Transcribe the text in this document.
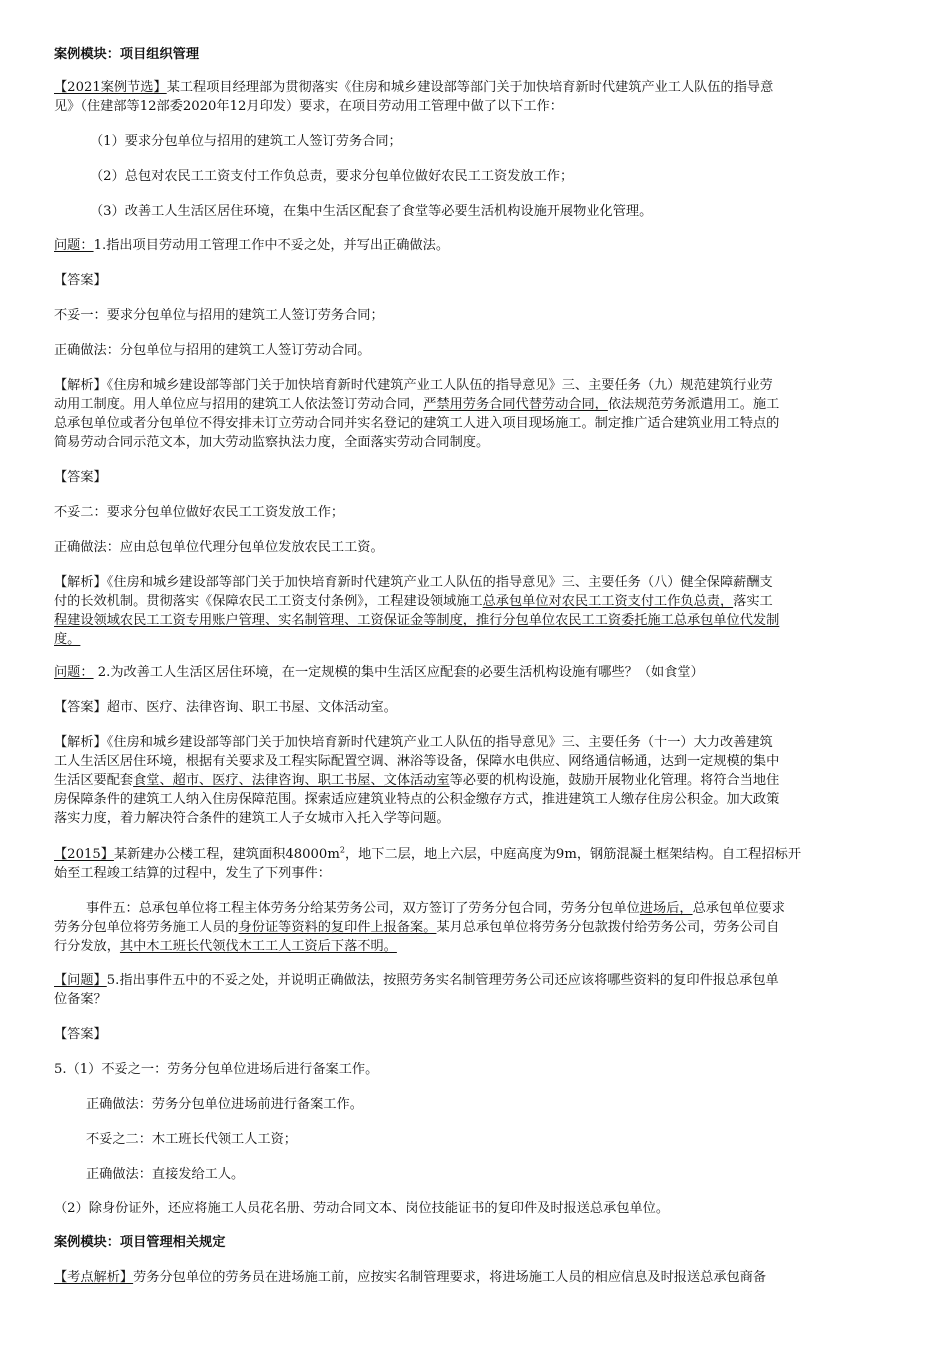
案例模块：项目组织管理
【2021案例节选】某工程项目经理部为贯彻落实《住房和城乡建设部等部门关于加快培育新时代建筑产业工人队伍的指导意
见》（住建部等12部委2020年12月印发）要求，在项目劳动用工管理中做了以下工作：
（1）要求分包单位与招用的建筑工人签订劳务合同；
（2）总包对农民工工资支付工作负总责，要求分包单位做好农民工工资发放工作；
（3）改善工人生活区居住环境，在集中生活区配套了食堂等必要生活机构设施开展物业化管理。
问题：1.指出项目劳动用工管理工作中不妥之处，并写出正确做法。
【答案】
不妥一：要求分包单位与招用的建筑工人签订劳务合同；
正确做法：分包单位与招用的建筑工人签订劳动合同。
【解析】《住房和城乡建设部等部门关于加快培育新时代建筑产业工人队伍的指导意见》三、主要任务（九）规范建筑行业劳
动用工制度。用人单位应与招用的建筑工人依法签订劳动合同，严禁用劳务合同代替劳动合同，依法规范劳务派遣用工。施工
总承包单位或者分包单位不得安排未订立劳动合同并实名登记的建筑工人进入项目现场施工。制定推广适合建筑业用工特点的
简易劳动合同示范文本，加大劳动监察执法力度，全面落实劳动合同制度。
【答案】
不妥二：要求分包单位做好农民工工资发放工作；
正确做法：应由总包单位代理分包单位发放农民工工资。
【解析】《住房和城乡建设部等部门关于加快培育新时代建筑产业工人队伍的指导意见》三、主要任务（八）健全保障薪酬支
付的长效机制。贯彻落实《保障农民工工资支付条例》，工程建设领域施工总承包单位对农民工工资支付工作负总责，落实工
程建设领域农民工工资专用账户管理、实名制管理、工资保证金等制度，推行分包单位农民工工资委托施工总承包单位代发制
度。
问题： 2.为改善工人生活区居住环境，在一定规模的集中生活区应配套的必要生活机构设施有哪些？（如食堂）
【答案】超市、医疗、法律咨询、职工书屋、文体活动室。
【解析】《住房和城乡建设部等部门关于加快培育新时代建筑产业工人队伍的指导意见》三、主要任务（十一）大力改善建筑
工人生活区居住环境，根据有关要求及工程实际配置空调、淋浴等设备，保障水电供应、网络通信畅通，达到一定规模的集中
生活区要配套食堂、超市、医疗、法律咨询、职工书屋、文体活动室等必要的机构设施，鼓励开展物业化管理。将符合当地住
房保障条件的建筑工人纳入住房保障范围。探索适应建筑业特点的公积金缴存方式，推进建筑工人缴存住房公积金。加大政策
落实力度，着力解决符合条件的建筑工人子女城市入托入学等问题。
【2015】某新建办公楼工程，建筑面积$48000m^2$，地下二层，地上六层，中庭高度为9m，钢筋混凝土框架结构。自工程招标开
始至工程竣工结算的过程中，发生了下列事件：
事件五：总承包单位将工程主体劳务分给某劳务公司，双方签订了劳务分包合同，劳务分包单位进场后，总承包单位要求
劳务分包单位将劳务施工人员的身份证等资料的复印件上报备案。某月总承包单位将劳务分包款拨付给劳务公司，劳务公司自
行分发放，其中木工班长代领伐木工工人工资后下落不明。
【问题】5.指出事件五中的不妥之处，并说明正确做法，按照劳务实名制管理劳务公司还应该将哪些资料的复印件报总承包单
位备案？
【答案】
5.（1）不妥之一：劳务分包单位进场后进行备案工作。
正确做法：劳务分包单位进场前进行备案工作。
不妥之二：木工班长代领工人工资；
正确做法：直接发给工人。
（2）除身份证外，还应将施工人员花名册、劳动合同文本、岗位技能证书的复印件及时报送总承包单位。
案例模块：项目管理相关规定
【考点解析】劳务分包单位的劳务员在进场施工前，应按实名制管理要求，将进场施工人员的相应信息及时报送总承包商备
